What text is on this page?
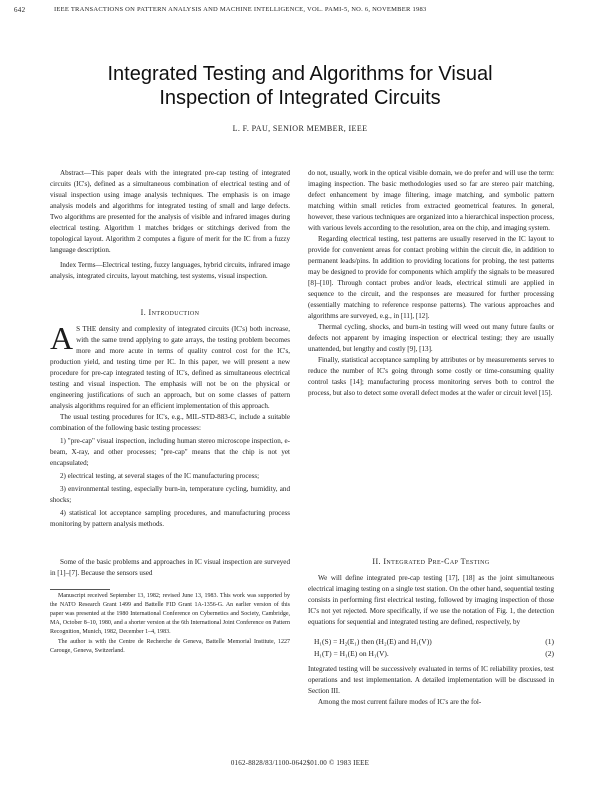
642	IEEE TRANSACTIONS ON PATTERN ANALYSIS AND MACHINE INTELLIGENCE, VOL. PAMI-5, NO. 6, NOVEMBER 1983
Integrated Testing and Algorithms for Visual
Inspection of Integrated Circuits
L. F. PAU, SENIOR MEMBER, IEEE

Abstract—This paper deals with the integrated pre-cap testing of integrated circuits (IC's), defined as a simultaneous combination of electrical testing and of visual inspection using image analysis techniques. The emphasis is on image analysis models and algorithms for integrated testing of small and large defects. Two algorithms are presented for the analysis of visible and infrared images during electrical testing. Algorithm 1 matches bridges or stitchings derived from the topological layout. Algorithm 2 computes a figure of merit for the IC from a fuzzy language description.

Index Terms—Electrical testing, fuzzy languages, hybrid circuits, infrared image analysis, integrated circuits, layout matching, test systems, visual inspection.

I. Introduction

A S THE density and complexity of integrated circuits (IC's) both increase, with the same trend applying to gate arrays, the testing problem becomes more and more acute in terms of quality control cost for the IC's, production yield, and testing time per IC. In this paper, we will present a new procedure for pre-cap integrated testing of IC's, defined as simultaneous electrical testing and visual inspection. The emphasis will not be on the physical or engineering justifications of such an approach, but on some classes of pattern analysis algorithms required for an efficient implementation of this approach.

The usual testing procedures for IC's, e.g., MIL-STD-883-C, include a suitable combination of the following basic testing processes:

1) "pre-cap" visual inspection, including human stereo microscope inspection, e-beam, X-ray, and other processes; "pre-cap" means that the chip is not yet encapsulated;

2) electrical testing, at several stages of the IC manufacturing process;

3) environmental testing, especially burn-in, temperature cycling, humidity, and shocks;

4) statistical lot acceptance sampling procedures, and manufacturing process monitoring by pattern analysis methods.

Some of the basic problems and approaches in IC visual inspection are surveyed in [1]–[7]. Because the sensors used

Manuscript received September 13, 1982; revised June 13, 1983. This work was supported by the NATO Research Grant 1499 and Battelle FID Grant 1A-1356-G. An earlier version of this paper was presented at the 1980 International Conference on Cybernetics and Society, Cambridge, MA, October 8–10, 1980, and a shorter version at the 6th International Joint Conference on Pattern Recognition, Munich, 1982, December 1–4, 1983.

The author is with the Centre de Recherche de Geneva, Battelle Memorial Institute, 1227 Carouge, Geneva, Switzerland.

do not, usually, work in the optical visible domain, we do prefer and will use the term: imaging inspection. The basic methodologies used so far are stereo pair matching, defect enhancement by image filtering, image matching, and symbolic pattern matching within small reticles from extracted geometrical features. In general, however, these various techniques are organized into a hierarchical inspection process, with various levels according to the resolution, area on the chip, and imaging system.

Regarding electrical testing, test patterns are usually reserved in the IC layout to provide for convenient areas for contact probing within the circuit die, in addition to permanent leads/pins. In addition to providing locations for probing, the test patterns may be designed to provide for components which amplify the signals to be measured [8]–[10]. Through contact probes and/or leads, electrical stimuli are applied in sequence to the circuit, and the responses are measured for further processing (essentially matching to reference response patterns). The various approaches and algorithms are surveyed, e.g., in [11], [12].

Thermal cycling, shocks, and burn-in testing will weed out many future faults or defects not apparent by imaging inspection or electrical testing; they are usually unattended, but lengthy and costly [9], [13].

Finally, statistical acceptance sampling by attributes or by measurements serves to reduce the number of IC's going through some costly or time-consuming quality control tasks [14]; manufacturing process monitoring serves both to control the process, but also to detect some overall defect modes at the wafer or circuit level [15].

II. Integrated Pre-Cap Testing

We will define integrated pre-cap testing [17], [18] as the joint simultaneous electrical imaging testing on a single test station. On the other hand, sequential testing consists in performing first electrical testing, followed by imaging inspection of those IC's not yet rejected. More specifically, if we use the notation of Fig. 1, the detection equations for sequential and integrated testing are defined, respectively, by

H₁(S) = H₂(E₁) then (H₂(E) and H₁(V))	(1)
H₁(T) = H₁(E) on H₁(V).	(2)

Integrated testing will be successively evaluated in terms of IC reliability proxies, test operations and test implementation. A detailed implementation will be discussed in Section III.

Among the most current failure modes of IC's are the fol-

0162-8828/83/1100-0642$01.00 © 1983 IEEE
